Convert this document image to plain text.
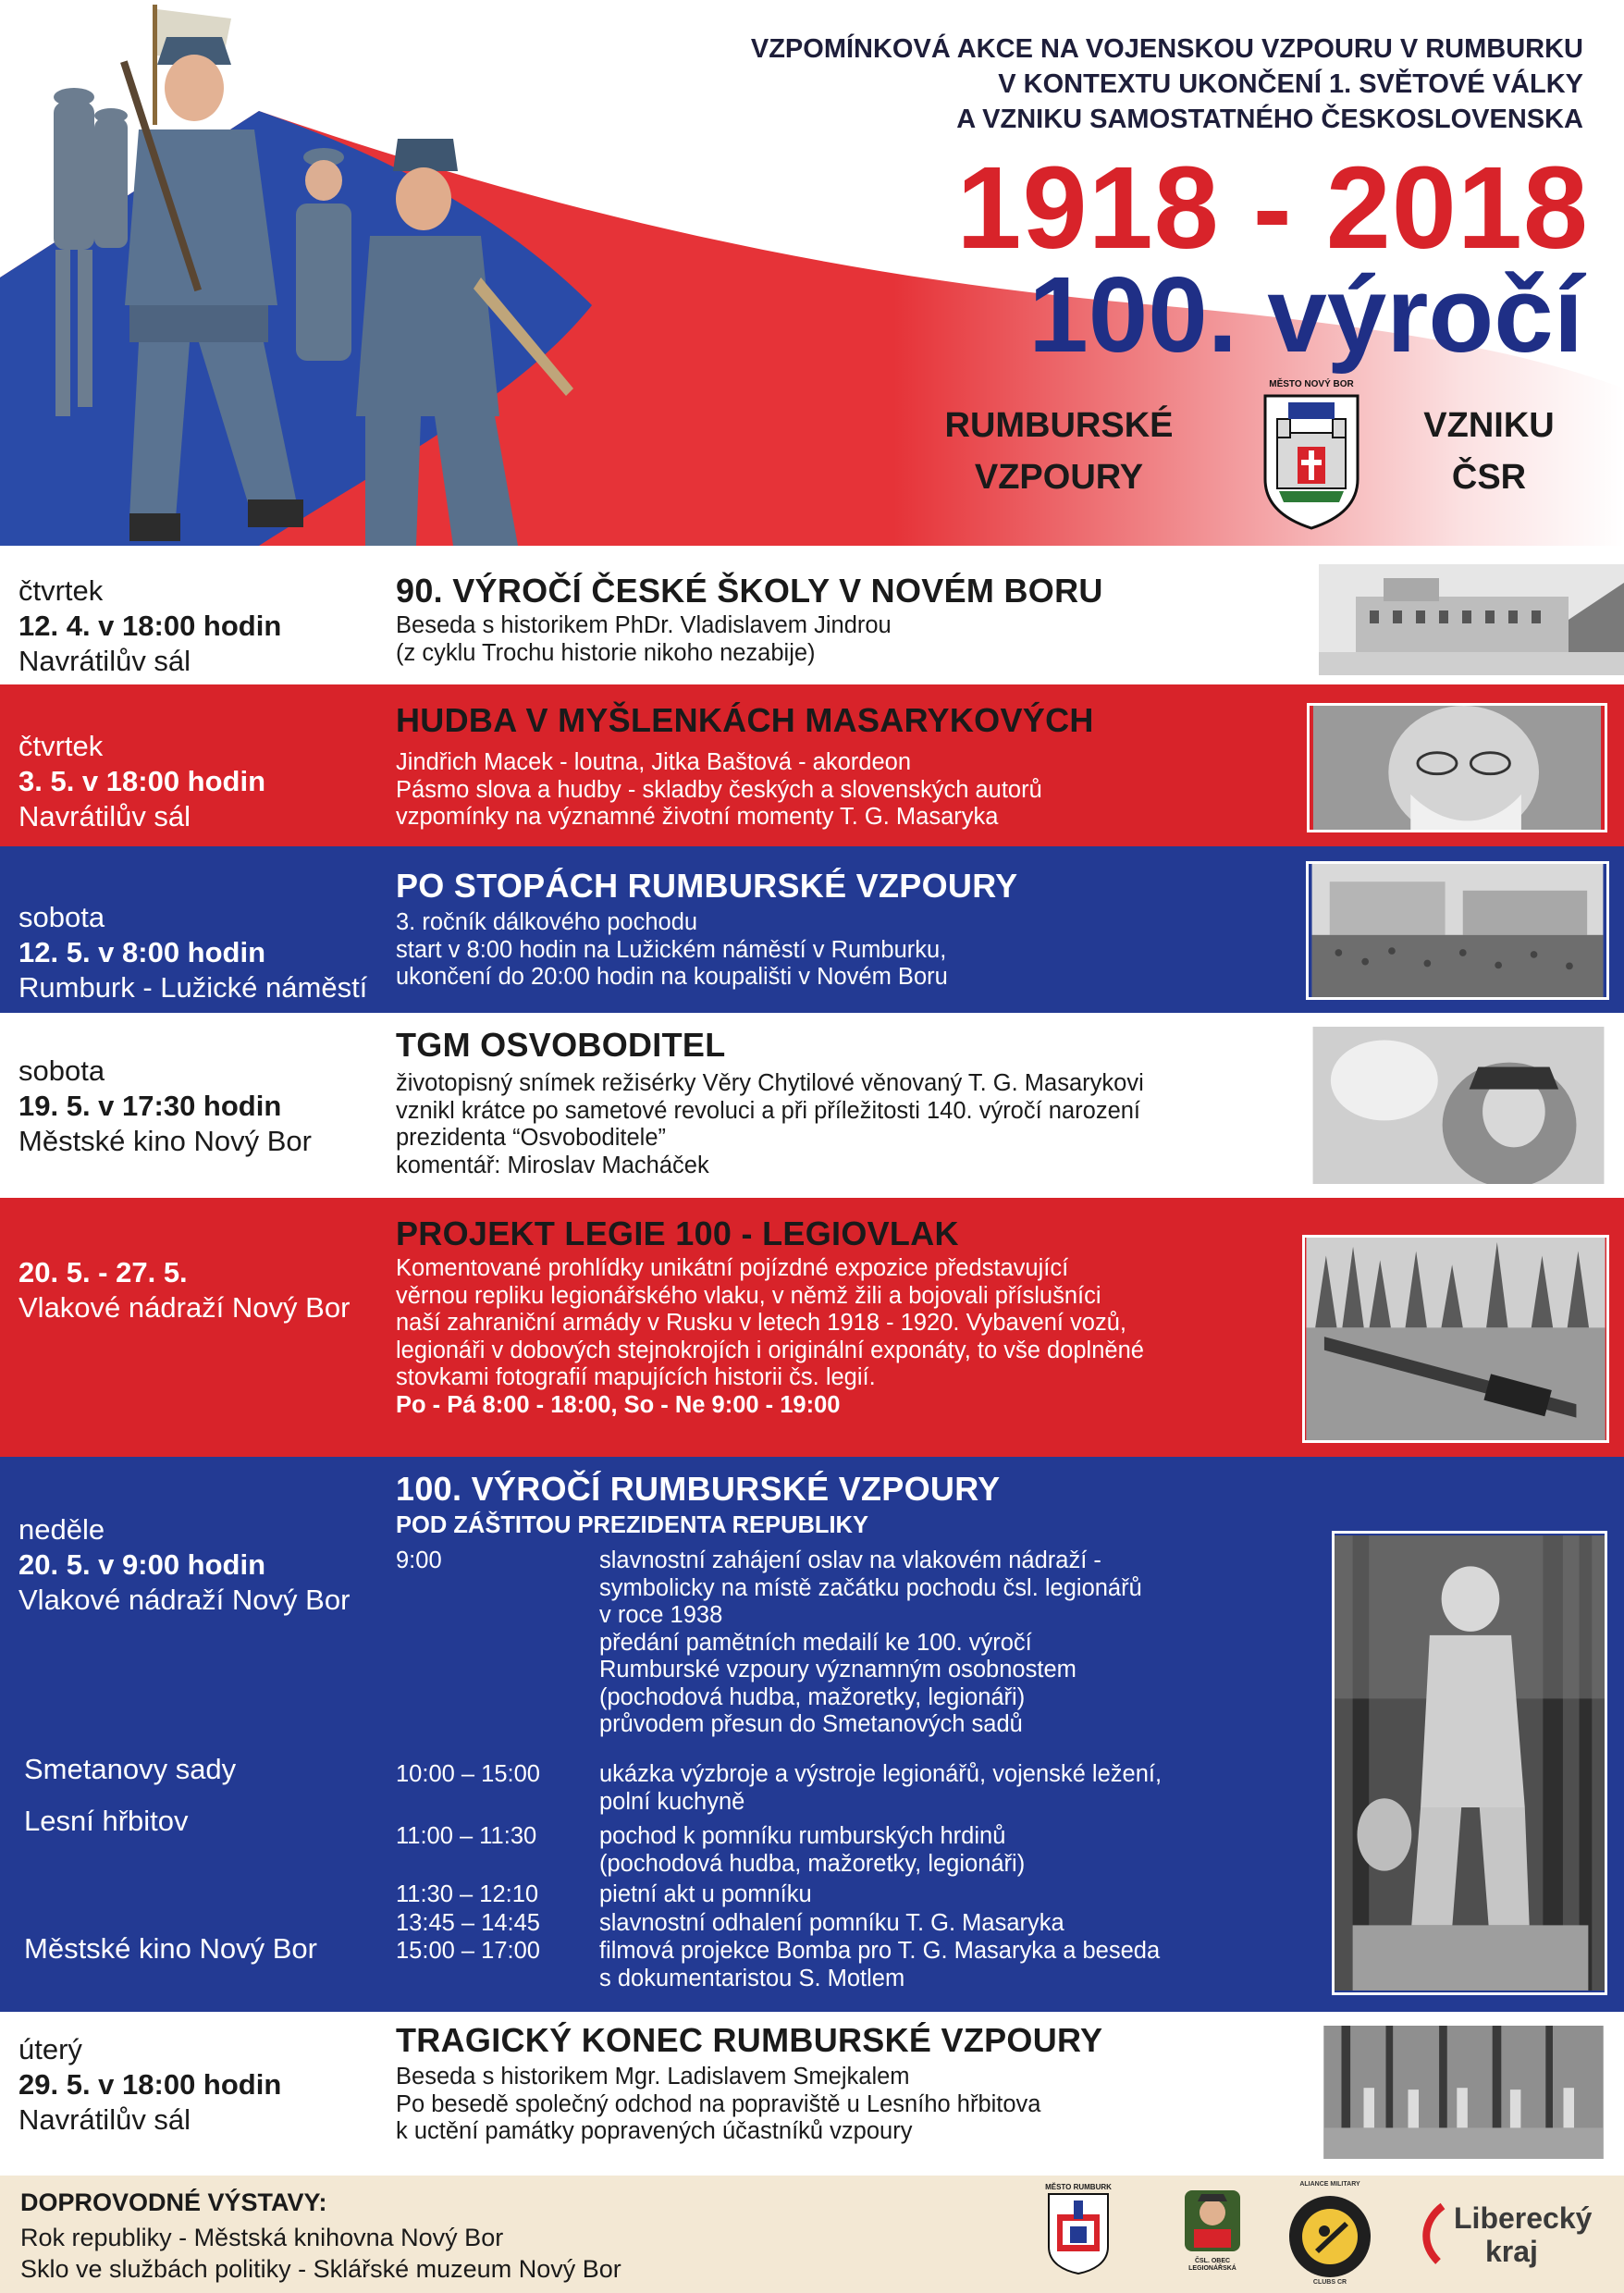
VZPOMÍNKOVÁ AKCE NA VOJENSKOU VZPOURU V RUMBURKU
V KONTEXTU UKONČENÍ 1. SVĚTOVÉ VÁLKY
A VZNIKU SAMOSTATNÉHO ČESKOSLOVENSKA
1918 - 2018
100. výročí
RUMBURSKÉ
VZPOURY
MĚSTO NOVÝ BOR
VZNIKU
ČSR
čtvrtek
12. 4. v 18:00 hodin
Navrátilův sál
90. VÝROČÍ ČESKÉ ŠKOLY V NOVÉM BORU
Beseda s historikem PhDr. Vladislavem Jindrou
(z cyklu Trochu historie nikoho nezabije)
čtvrtek
3. 5. v 18:00 hodin
Navrátilův sál
HUDBA V MYŠLENKÁCH MASARYKOVÝCH
Jindřich Macek - loutna, Jitka Baštová - akordeon
Pásmo slova a hudby - skladby českých a slovenských autorů
vzpomínky na významné životní momenty T. G. Masaryka
sobota
12. 5. v 8:00 hodin
Rumburk - Lužické náměstí
PO STOPÁCH RUMBURSKÉ VZPOURY
3. ročník dálkového pochodu
start v 8:00 hodin na Lužickém náměstí v Rumburku,
ukončení do 20:00 hodin na koupališti v Novém Boru
sobota
19. 5. v 17:30 hodin
Městské kino Nový Bor
TGM OSVOBODITEL
životopisný snímek režisérky Věry Chytilové věnovaný T. G. Masarykovi
vznikl krátce po sametové revoluci a při příležitosti 140. výročí narození
prezidenta “Osvoboditele”
komentář: Miroslav Macháček
20. 5. - 27. 5.
Vlakové nádraží Nový Bor
PROJEKT LEGIE 100 - LEGIOVLAK
Komentované prohlídky unikátní pojízdné expozice představující
věrnou repliku legionářského vlaku, v němž žili a bojovali příslušníci
naší zahraniční armády v Rusku v letech 1918 - 1920. Vybavení vozů,
legionáři v dobových stejnokrojích i originální exponáty, to vše doplněné
stovkami fotografií mapujících historii čs. legií.
Po - Pá 8:00 - 18:00, So - Ne 9:00 - 19:00
neděle
20. 5. v 9:00 hodin
Vlakové nádraží Nový Bor
Smetanovy sady
Lesní hřbitov
Městské kino Nový Bor
100. VÝROČÍ RUMBURSKÉ VZPOURY
POD ZÁŠTITOU PREZIDENTA REPUBLIKY
9:00	slavnostní zahájení oslav na vlakovém nádraží -
symbolicky na místě začátku pochodu čsl. legionářů
v roce 1938
předání pamětních medailí ke 100. výročí
Rumburské vzpoury významným osobnostem
(pochodová hudba, mažoretky, legionáři)
průvodem přesun do Smetanových sadů
10:00 – 15:00	ukázka výzbroje a výstroje legionářů, vojenské ležení,
polní kuchyně
11:00 – 11:30	pochod k pomníku rumburských hrdinů
(pochodová hudba, mažoretky, legionáři)
11:30 – 12:10	pietní akt u pomníku
13:45 – 14:45	slavnostní odhalení pomníku T. G. Masaryka
15:00 – 17:00	filmová projekce Bomba pro T. G. Masaryka a beseda
s dokumentaristou S. Motlem
úterý
29. 5. v 18:00 hodin
Navrátilův sál
TRAGICKÝ KONEC RUMBURSKÉ VZPOURY
Beseda s historikem Mgr. Ladislavem Smejkalem
Po besedě společný odchod na popraviště u Lesního hřbitova
k uctění památky popravených účastníků vzpoury
DOPROVODNÉ VÝSTAVY:
Rok republiky - Městská knihovna Nový Bor
Sklo ve službách politiky - Sklářské muzeum Nový Bor
MĚSTO RUMBURK
ČSL. OBEC
LEGIONÁŘSKÁ
ALIANCE MILITARY
CLUBS CR
Liberecký
kraj
